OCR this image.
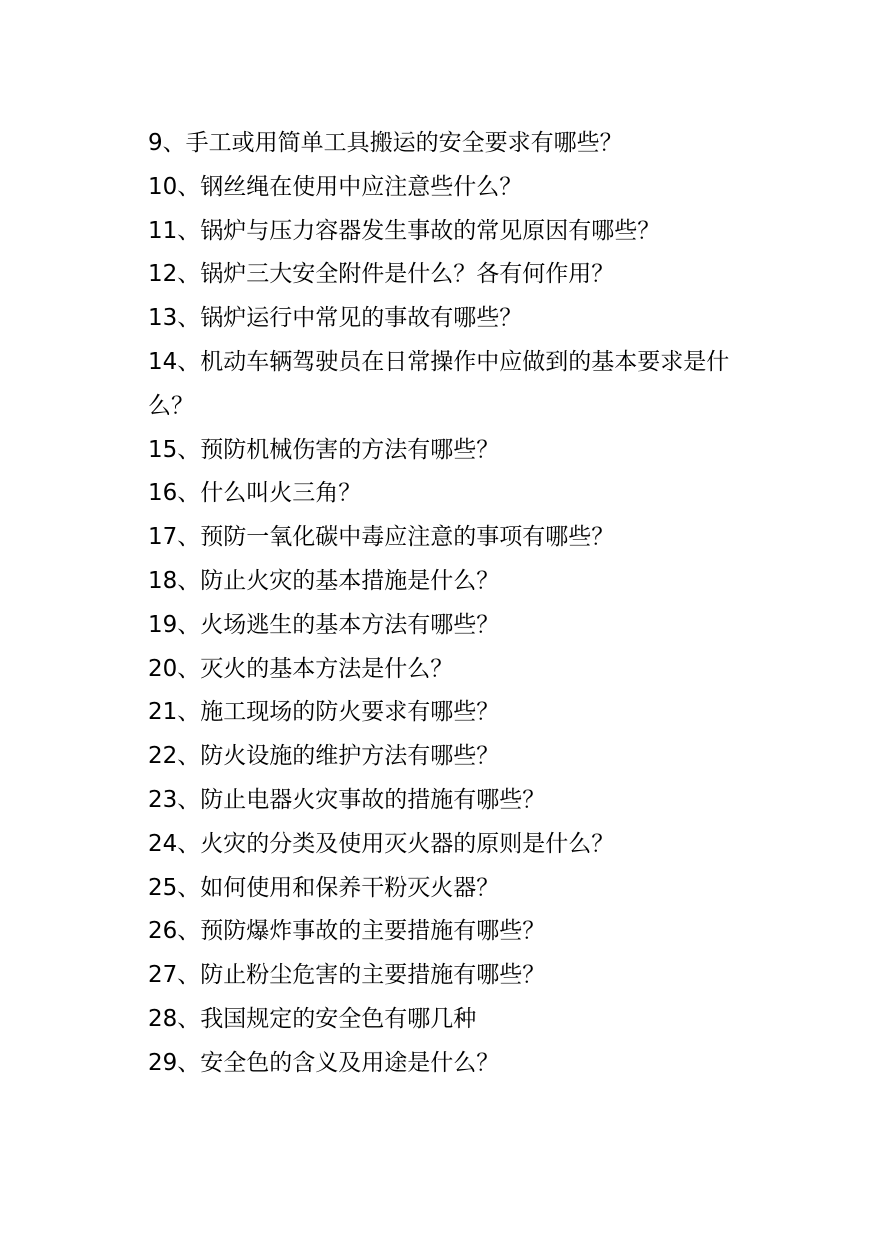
9、手工或用简单工具搬运的安全要求有哪些？
10、钢丝绳在使用中应注意些什么？
11、锅炉与压力容器发生事故的常见原因有哪些？
12、锅炉三大安全附件是什么？各有何作用？
13、锅炉运行中常见的事故有哪些？
14、机动车辆驾驶员在日常操作中应做到的基本要求是什么？
15、预防机械伤害的方法有哪些？
16、什么叫火三角？
17、预防一氧化碳中毒应注意的事项有哪些？
18、防止火灾的基本措施是什么？
19、火场逃生的基本方法有哪些？
20、灭火的基本方法是什么？
21、施工现场的防火要求有哪些？
22、防火设施的维护方法有哪些？
23、防止电器火灾事故的措施有哪些？
24、火灾的分类及使用灭火器的原则是什么？
25、如何使用和保养干粉灭火器？
26、预防爆炸事故的主要措施有哪些？
27、防止粉尘危害的主要措施有哪些？
28、我国规定的安全色有哪几种
29、安全色的含义及用途是什么？
